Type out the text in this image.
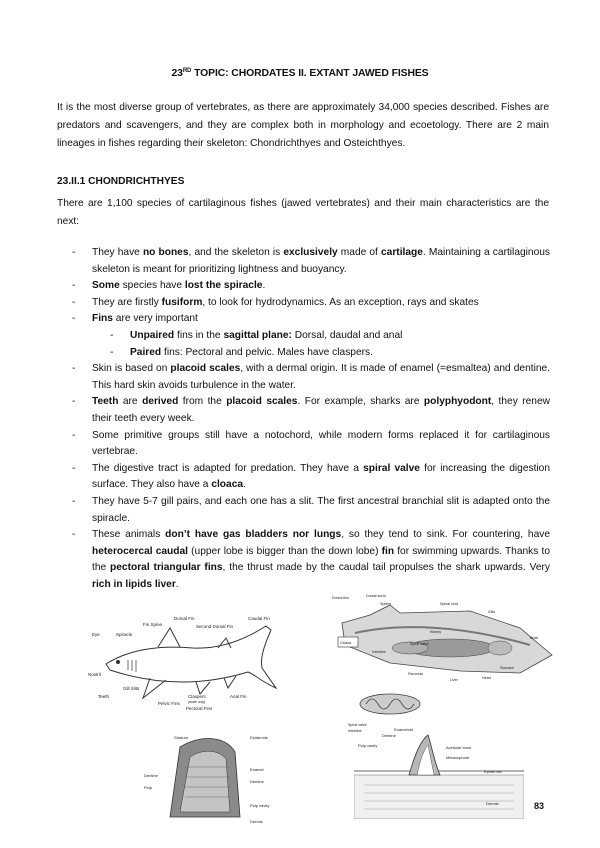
23RD TOPIC: CHORDATES II. EXTANT JAWED FISHES
It is the most diverse group of vertebrates, as there are approximately 34,000 species described. Fishes are predators and scavengers, and they are complex both in morphology and ecoetology. There are 2 main lineages in fishes regarding their skeleton: Chondrichthyes and Osteichthyes.
23.II.1 CHONDRICHTHYES
There are 1,100 species of cartilaginous fishes (jawed vertebrates) and their main characteristics are the next:
- They have no bones, and the skeleton is exclusively made of cartilage. Maintaining a cartilaginous skeleton is meant for prioritizing lightness and buoyancy.
- Some species have lost the spiracle.
- They are firstly fusiform, to look for hydrodynamics. As an exception, rays and skates
- Fins are very important
- Unpaired fins in the sagittal plane: Dorsal, daudal and anal
- Paired fins: Pectoral and pelvic. Males have claspers.
- Skin is based on placoid scales, with a dermal origin. It is made of enamel (=esmaltea) and dentine. This hard skin avoids turbulence in the water.
- Teeth are derived from the placoid scales. For example, sharks are polyphyodont, they renew their teeth every week.
- Some primitive groups still have a notochord, while modern forms replaced it for cartilaginous vertebrae.
- The digestive tract is adapted for predation. They have a spiral valve for increasing the digestion surface. They also have a cloaca.
- They have 5-7 gill pairs, and each one has a slit. The first ancestral branchial slit is adapted onto the spiracle.
- These animals don’t have gas bladders nor lungs, so they tend to sink. For countering, have heterocercal caudal (upper lobe is bigger than the down lobe) fin for swimming upwards. Thanks to the pectoral triangular fins, the thrust made by the caudal tail propulses the shark upwards. Very rich in lipids liver.
Dorsal Fin	Caudal Fin
Fin Spine	Second Dorsal Fin
Eye
Nostril
Spiracle
Teeth
Gill Slits
Claspers
(male only)
Anal Fin
Pelvic Fins
Pectoral Fins
Dorsal fins	Dorsal aorta
Spleen	Spinal cord
Brain
Gills
Kidney
Liver	Heart
Stomach
Spiral valve
Intestine
Cloaca
Pancreas
Spiral valve
Intestine
Stratum
Dentine
Pulp
Epidermis
Enamel
Dentine
Pulp cavity
Dermis
Enameloid
Dentine
Pulp cavity	Acellular bone
Melanophore
Epidermis
Dermis	83
